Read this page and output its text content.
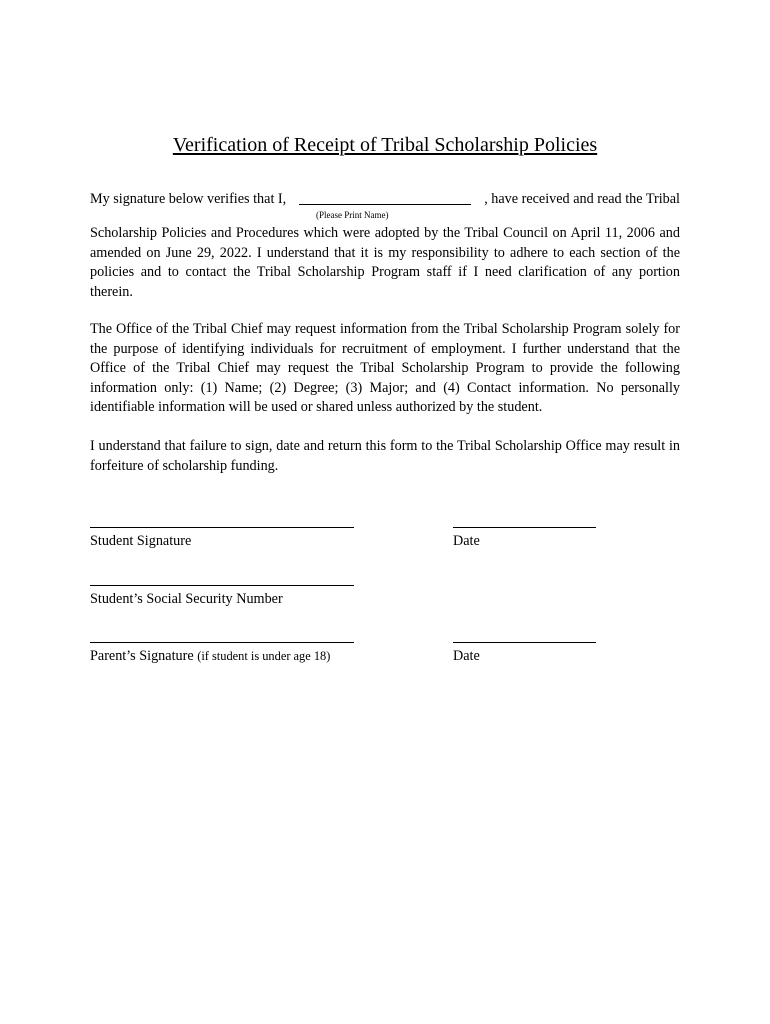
Verification of Receipt of Tribal Scholarship Policies
My signature below verifies that I,	, have received and read the Tribal
(Please Print Name)
Scholarship Policies and Procedures which were adopted by the Tribal Council on April 11, 2006 and amended on June 29, 2022. I understand that it is my responsibility to adhere to each section of the policies and to contact the Tribal Scholarship Program staff if I need clarification of any portion therein.
The Office of the Tribal Chief may request information from the Tribal Scholarship Program solely for the purpose of identifying individuals for recruitment of employment. I further understand that the Office of the Tribal Chief may request the Tribal Scholarship Program to provide the following information only: (1) Name; (2) Degree; (3) Major; and (4) Contact information. No personally identifiable information will be used or shared unless authorized by the student.
I understand that failure to sign, date and return this form to the Tribal Scholarship Office may result in forfeiture of scholarship funding.
Student Signature	Date
Student’s Social Security Number
Parent’s Signature (if student is under age 18)	Date
